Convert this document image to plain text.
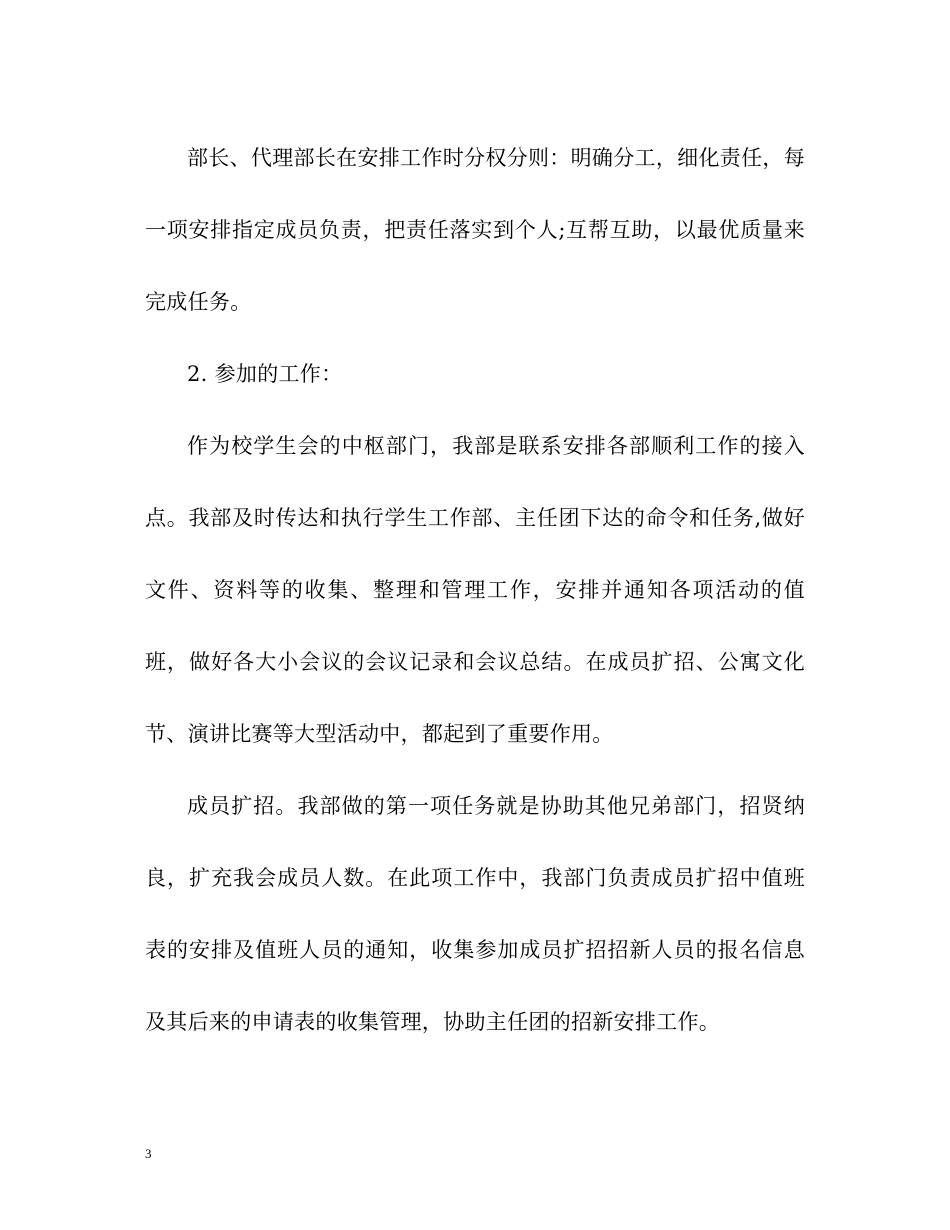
部长、代理部长在安排工作时分权分则：明确分工，细化责任，每一项安排指定成员负责，把责任落实到个人;互帮互助，以最优质量来完成任务。

2. 参加的工作：

作为校学生会的中枢部门，我部是联系安排各部顺利工作的接入点。我部及时传达和执行学生工作部、主任团下达的命令和任务,做好文件、资料等的收集、整理和管理工作，安排并通知各项活动的值班，做好各大小会议的会议记录和会议总结。在成员扩招、公寓文化节、演讲比赛等大型活动中，都起到了重要作用。

成员扩招。我部做的第一项任务就是协助其他兄弟部门，招贤纳良，扩充我会成员人数。在此项工作中，我部门负责成员扩招中值班表的安排及值班人员的通知，收集参加成员扩招招新人员的报名信息及其后来的申请表的收集管理，协助主任团的招新安排工作。

3
